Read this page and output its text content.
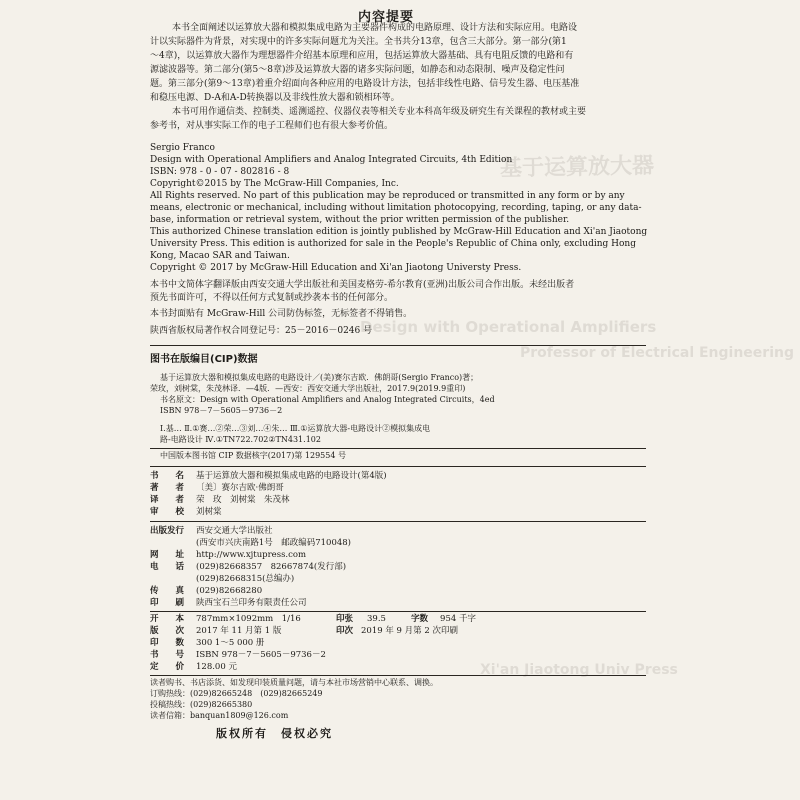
基于运算放大器
Design with Operational Amplifiers
Professor of Electrical Engineering
Xi'an Jiaotong Univ Press
内容提要
本书全面阐述以运算放大器和模拟集成电路为主要器件构成的电路原理、设计方法和实际应用。电路设
计以实际器件为背景，对实现中的许多实际问题尤为关注。全书共分13章，包含三大部分。第一部分(第1
～4章)，以运算放大器作为理想器件介绍基本原理和应用，包括运算放大器基础、具有电阻反馈的电路和有
源滤波器等。第二部分(第5～8章)涉及运算放大器的诸多实际问题，如静态和动态限制、噪声及稳定性问
题。第三部分(第9～13章)着重介绍面向各种应用的电路设计方法，包括非线性电路、信号发生器、电压基准
和稳压电源、D-A和A-D转换器以及非线性放大器和锁相环等。
本书可用作通信类、控制类、遥测遥控、仪器仪表等相关专业本科高年级及研究生有关课程的教材或主要
参考书，对从事实际工作的电子工程师们也有很大参考价值。
Sergio Franco
Design with Operational Amplifiers and Analog Integrated Circuits, 4th Edition
ISBN: 978 - 0 - 07 - 802816 - 8
Copyright©2015 by The McGraw-Hill Companies, Inc.
All Rights reserved. No part of this publication may be reproduced or transmitted in any form or by any
means, electronic or mechanical, including without limitation photocopying, recording, taping, or any data-
base, information or retrieval system, without the prior written permission of the publisher.
This authorized Chinese translation edition is jointly published by McGraw-Hill Education and Xi'an Jiaotong
University Press. This edition is authorized for sale in the People's Republic of China only, excluding Hong
Kong, Macao SAR and Taiwan.
Copyright © 2017 by McGraw-Hill Education and Xi'an Jiaotong Universty Press.
本书中文简体字翻译版由西安交通大学出版社和美国麦格劳-希尔教育(亚洲)出版公司合作出版。未经出版者
预先书面许可，不得以任何方式复制或抄袭本书的任何部分。
本书封面贴有 McGraw-Hill 公司防伪标签，无标签者不得销售。
陕西省版权局著作权合同登记号：25－2016－0246 号
图书在版编目(CIP)数据
基于运算放大器和模拟集成电路的电路设计／(美)赛尔吉欧．佛朗哥(Sergio Franco)著；
荣玫，刘树棠，朱茂林译．—4版．—西安：西安交通大学出版社，2017.9(2019.9重印)
书名原文：Design with Operational Amplifiers and Analog Integrated Circuits，4ed
ISBN 978－7－5605－9736－2
Ⅰ.基… Ⅱ.①赛…②荣…③刘…④朱… Ⅲ.①运算放大器-电路设计②模拟集成电
路-电路设计 Ⅳ.①TN722.702②TN431.102
中国版本图书馆 CIP 数据核字(2017)第 129554 号
书　　名 基于运算放大器和模拟集成电路的电路设计(第4版)
著　　者 〔美〕赛尔吉欧·佛朗哥
译　　者 荣　玫　刘树棠　朱茂林
审　　校 刘树棠
出版发行 西安交通大学出版社
(西安市兴庆南路1号　邮政编码710048)
网　　址 http://www.xjtupress.com
电　　话 (029)82668357　82667874(发行部)
(029)82668315(总编办)
传　　真 (029)82668280
印　　刷 陕西宝石兰印务有限责任公司
开　　本 787mm×1092mm　1/16	印张 39.5	字数 954 千字
版　　次 2017 年 11 月第 1 版	印次 2019 年 9 月第 2 次印刷
印　　数 300 1～5 000 册
书　　号 ISBN 978－7－5605－9736－2
定　　价 128.00 元
读者购书、书店添货、如发现印装质量问题，请与本社市场营销中心联系、调换。
订购热线：(029)82665248　(029)82665249
投稿热线：(029)82665380
读者信箱：banquan1809@126.com
版权所有　侵权必究
